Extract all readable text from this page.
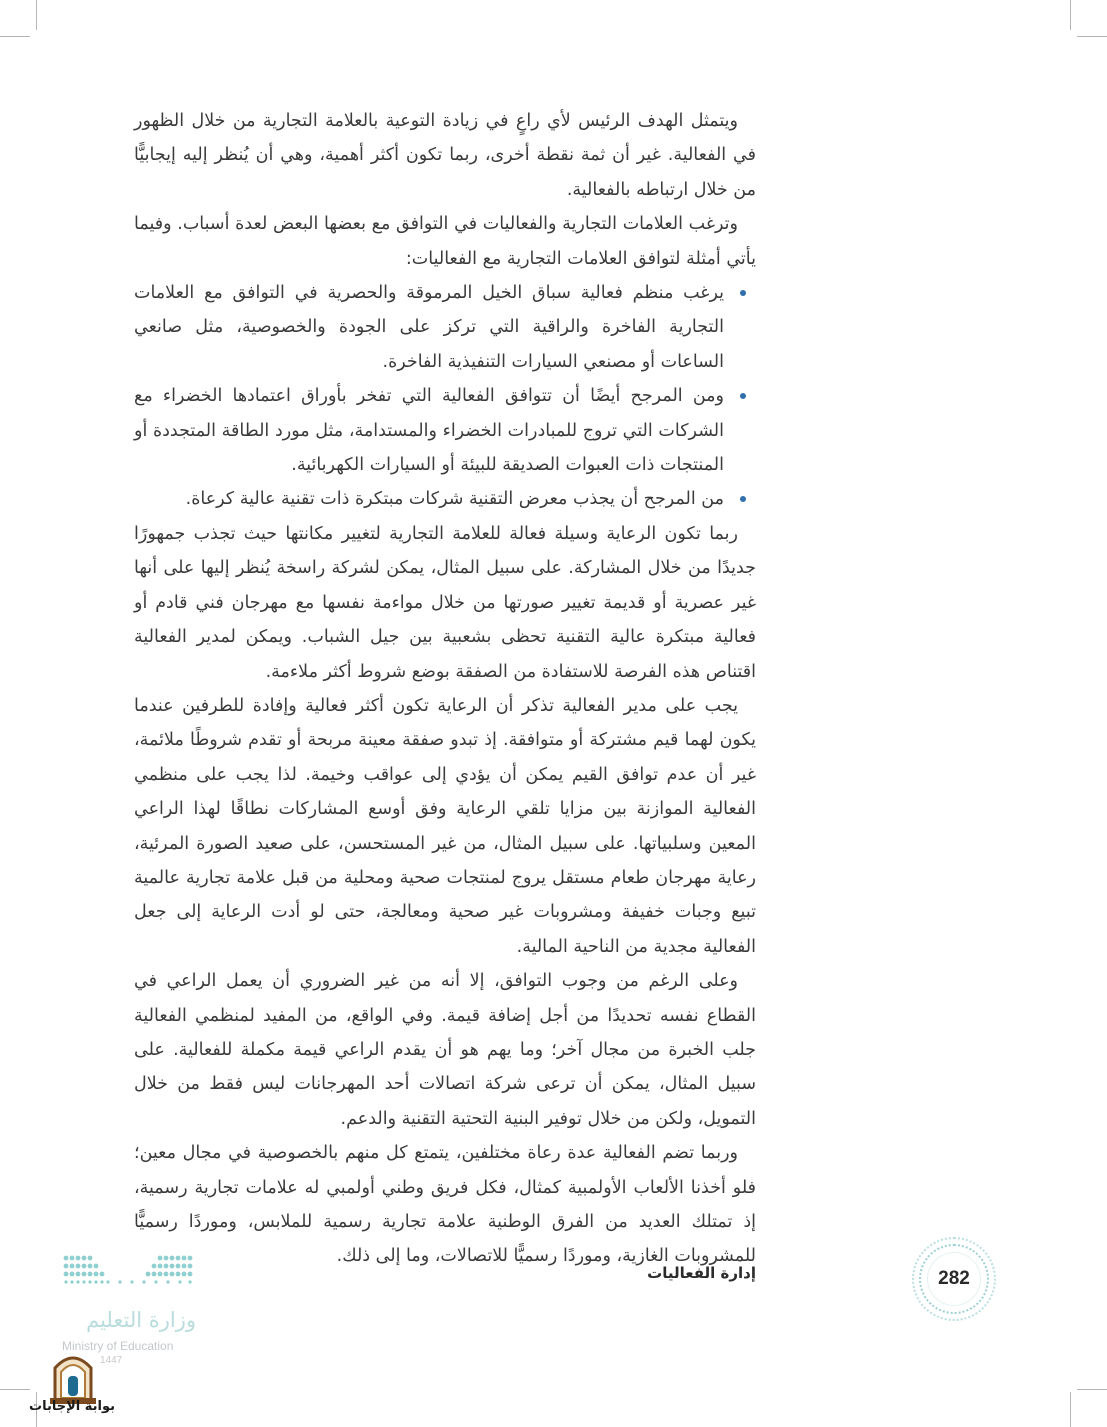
ويتمثل الهدف الرئيس لأي راعٍ في زيادة التوعية بالعلامة التجارية من خلال الظهور في الفعالية. غير أن ثمة نقطة أخرى، ربما تكون أكثر أهمية، وهي أن يُنظر إليه إيجابيًّا من خلال ارتباطه بالفعالية.

وترغب العلامات التجارية والفعاليات في التوافق مع بعضها البعض لعدة أسباب. وفيما يأتي أمثلة لتوافق العلامات التجارية مع الفعاليات:

يرغب منظم فعالية سباق الخيل المرموقة والحصرية في التوافق مع العلامات التجارية الفاخرة والراقية التي تركز على الجودة والخصوصية، مثل صانعي الساعات أو مصنعي السيارات التنفيذية الفاخرة.
ومن المرجح أيضًا أن تتوافق الفعالية التي تفخر بأوراق اعتمادها الخضراء مع الشركات التي تروج للمبادرات الخضراء والمستدامة، مثل مورد الطاقة المتجددة أو المنتجات ذات العبوات الصديقة للبيئة أو السيارات الكهربائية.
من المرجح أن يجذب معرض التقنية شركات مبتكرة ذات تقنية عالية كرعاة.

ربما تكون الرعاية وسيلة فعالة للعلامة التجارية لتغيير مكانتها حيث تجذب جمهورًا جديدًا من خلال المشاركة. على سبيل المثال، يمكن لشركة راسخة يُنظر إليها على أنها غير عصرية أو قديمة تغيير صورتها من خلال مواءمة نفسها مع مهرجان فني قادم أو فعالية مبتكرة عالية التقنية تحظى بشعبية بين جيل الشباب. ويمكن لمدير الفعالية اقتناص هذه الفرصة للاستفادة من الصفقة بوضع شروط أكثر ملاءمة.

يجب على مدير الفعالية تذكر أن الرعاية تكون أكثر فعالية وإفادة للطرفين عندما يكون لهما قيم مشتركة أو متوافقة. إذ تبدو صفقة معينة مربحة أو تقدم شروطًا ملائمة، غير أن عدم توافق القيم يمكن أن يؤدي إلى عواقب وخيمة. لذا يجب على منظمي الفعالية الموازنة بين مزايا تلقي الرعاية وفق أوسع المشاركات نطاقًا لهذا الراعي المعين وسلبياتها. على سبيل المثال، من غير المستحسن، على صعيد الصورة المرئية، رعاية مهرجان طعام مستقل يروج لمنتجات صحية ومحلية من قبل علامة تجارية عالمية تبيع وجبات خفيفة ومشروبات غير صحية ومعالجة، حتى لو أدت الرعاية إلى جعل الفعالية مجدية من الناحية المالية.

وعلى الرغم من وجوب التوافق، إلا أنه من غير الضروري أن يعمل الراعي في القطاع نفسه تحديدًا من أجل إضافة قيمة. وفي الواقع، من المفيد لمنظمي الفعالية جلب الخبرة من مجال آخر؛ وما يهم هو أن يقدم الراعي قيمة مكملة للفعالية. على سبيل المثال، يمكن أن ترعى شركة اتصالات أحد المهرجانات ليس فقط من خلال التمويل، ولكن من خلال توفير البنية التحتية التقنية والدعم.

وربما تضم الفعالية عدة رعاة مختلفين، يتمتع كل منهم بالخصوصية في مجال معين؛ فلو أخذنا الألعاب الأولمبية كمثال، فكل فريق وطني أولمبي له علامات تجارية رسمية، إذ تمتلك العديد من الفرق الوطنية علامة تجارية رسمية للملابس، وموردًا رسميًّا للمشروبات الغازية، وموردًا رسميًّا للاتصالات، وما إلى ذلك.

إدارة الفعاليات	282
وزارة التعليم
Ministry of Education
1447
بوابة الإجابات
